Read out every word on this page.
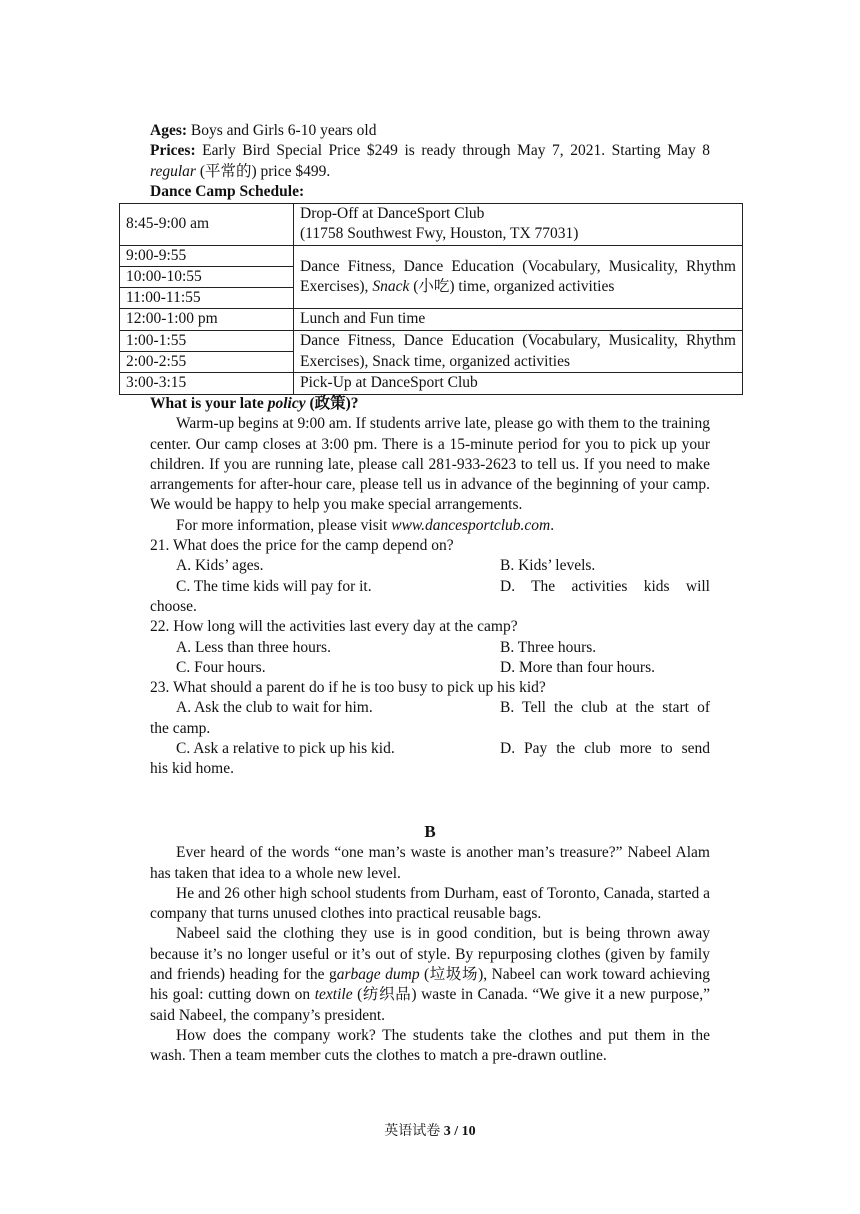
Ages: Boys and Girls 6-10 years old

Prices: Early Bird Special Price $249 is ready through May 7, 2021. Starting May 8 regular (平常的) price $499.

Dance Camp Schedule:

8:45-9:00 am	Drop-Off at DanceSport Club
(11758 Southwest Fwy, Houston, TX 77031)

9:00-9:55	Dance Fitness, Dance Education (Vocabulary, Musicality, Rhythm Exercises), Snack (小吃) time, organized activities
10:00-10:55	
11:00-11:55	
12:00-1:00 pm	Lunch and Fun time
1:00-1:55	Dance Fitness, Dance Education (Vocabulary, Musicality, Rhythm Exercises), Snack time, organized activities
2:00-2:55	
3:00-3:15	Pick-Up at DanceSport Club

What is your late policy (政策)?

Warm-up begins at 9:00 am. If students arrive late, please go with them to the training center. Our camp closes at 3:00 pm. There is a 15-minute period for you to pick up your children. If you are running late, please call 281-933-2623 to tell us. If you need to make arrangements for after-hour care, please tell us in advance of the beginning of your camp. We would be happy to help you make special arrangements.

For more information, please visit www.dancesportclub.com.

21. What does the price for the camp depend on?

A. Kids’ ages.	B. Kids’ levels.
C. The time kids will pay for it.	D. The activities kids will

choose.

22. How long will the activities last every day at the camp?

A. Less than three hours.	B. Three hours.
C. Four hours.	D. More than four hours.

23. What should a parent do if he is too busy to pick up his kid?

A. Ask the club to wait for him.	B. Tell the club at the start of

the camp.

C. Ask a relative to pick up his kid.	D. Pay the club more to send

his kid home.

B

Ever heard of the words “one man’s waste is another man’s treasure?” Nabeel Alam has taken that idea to a whole new level.

He and 26 other high school students from Durham, east of Toronto, Canada, started a company that turns unused clothes into practical reusable bags.

Nabeel said the clothing they use is in good condition, but is being thrown away because it’s no longer useful or it’s out of style. By repurposing clothes (given by family and friends) heading for the garbage dump (垃圾场), Nabeel can work toward achieving his goal: cutting down on textile (纺织品) waste in Canada. “We give it a new purpose,” said Nabeel, the company’s president.

How does the company work? The students take the clothes and put them in the wash. Then a team member cuts the clothes to match a pre-drawn outline.

英语试卷 3 / 10
